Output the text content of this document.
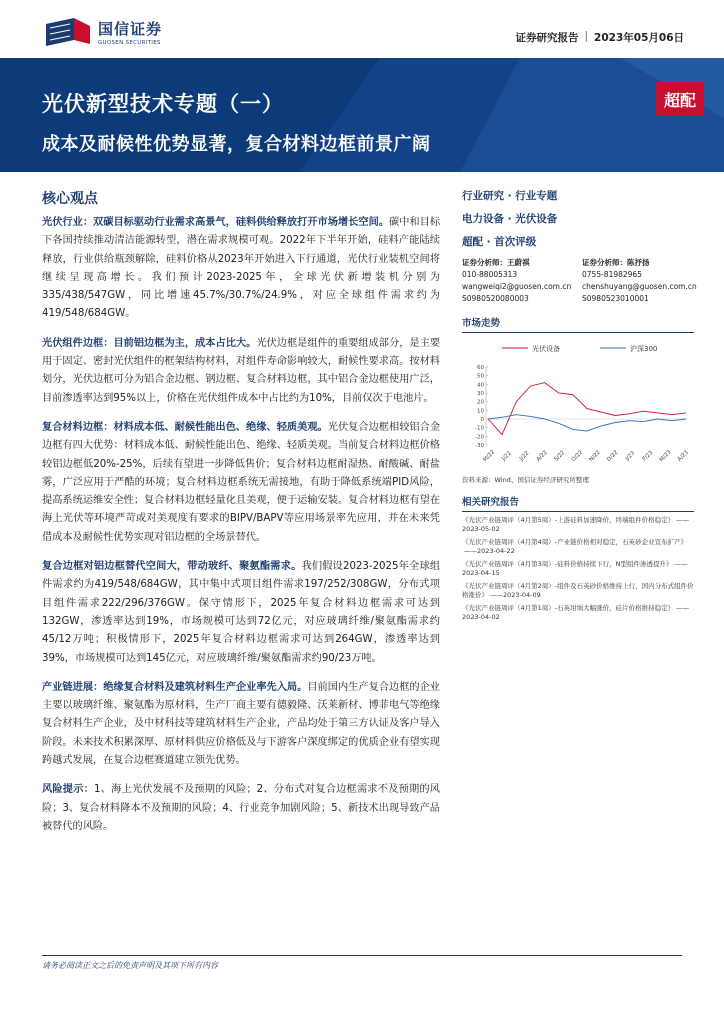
国信证券
GUOSEN SECURITIES	证券研究报告 | 2023年05月06日
光伏新型技术专题（一）
成本及耐候性优势显著，复合材料边框前景广阔
超配
核心观点

光伏行业：双碳目标驱动行业需求高景气，硅料供给释放打开市场增长空间。碳中和目标下各国持续推动清洁能源转型，潜在需求规模可观。2022年下半年开始，硅料产能陆续释放，行业供给瓶颈解除，硅料价格从2023年开始进入下行通道，光伏行业装机空间将继续呈现高增长。我们预计2023-2025年，全球光伏新增装机分别为335/438/547GW，同比增速45.7%/30.7%/24.9%，对应全球组件需求约为419/548/684GW。

光伏组件边框：目前铝边框为主，成本占比大。光伏边框是组件的重要组成部分，是主要用于固定、密封光伏组件的框架结构材料，对组件寿命影响较大，耐候性要求高。按材料划分，光伏边框可分为铝合金边框、钢边框、复合材料边框，其中铝合金边框使用广泛，目前渗透率达到95%以上，价格在光伏组件成本中占比约为10%，目前仅次于电池片。

复合材料边框：材料成本低、耐候性能出色、绝缘、轻质美观。光伏复合边框相较铝合金边框有四大优势：材料成本低、耐候性能出色、绝缘、轻质美观。当前复合材料边框价格较铝边框低20%-25%，后续有望进一步降低售价；复合材料边框耐湿热、耐酸碱、耐盐雾，广泛应用于严酷的环境；复合材料边框系统无需接地，有助于降低系统端PID风险，提高系统运维安全性；复合材料边框轻量化且美观，便于运输安装。复合材料边框有望在海上光伏等环境严苛或对美观度有要求的BIPV/BAPV等应用场景率先应用，并在未来凭借成本及耐候性优势实现对铝边框的全场景替代。

复合边框对铝边框替代空间大，带动玻纤、聚氨酯需求。我们假设2023-2025年全球组件需求约为419/548/684GW，其中集中式项目组件需求197/252/308GW，分布式项目组件需求222/296/376GW。保守情形下，2025年复合材料边框需求可达到132GW，渗透率达到19%，市场规模可达到72亿元，对应玻璃纤维/聚氨酯需求约45/12万吨；积极情形下，2025年复合材料边框需求可达到264GW，渗透率达到39%，市场规模可达到145亿元，对应玻璃纤维/聚氨酯需求约90/23万吨。

产业链进展：绝缘复合材料及建筑材料生产企业率先入局。目前国内生产复合边框的企业主要以玻璃纤维、聚氨酯为原材料，生产厂商主要有德毅隆、沃莱新材、博菲电气等绝缘复合材料生产企业，及中材科技等建筑材料生产企业，产品均处于第三方认证及客户导入阶段。未来技术积累深厚、原材料供应价格低及与下游客户深度绑定的优质企业有望实现跨越式发展，在复合边框赛道建立领先优势。

风险提示：1、海上光伏发展不及预期的风险；2、分布式对复合边框需求不及预期的风险；3、复合材料降本不及预期的风险；4、行业竞争加剧风险；5、新技术出现导致产品被替代的风险。

行业研究 · 行业专题
电力设备 · 光伏设备
超配 · 首次评级
证券分析师：王蔚祺
010-88005313
wangweiqi2@guosen.com.cn
S0980520080003
证券分析师：陈抒扬
0755-81982965
chenshuyang@guosen.com.cn
S0980523010001
市场走势
光伏设备	沪深300
-30
-20
-10
0
10
20
30
40
50
60
M/22 J/22 J/22 A/22 S/22 O/22 N/22 D/22 J/23 F/23 M/23 A/23
资料来源：Wind、国信证券经济研究所整理
相关研究报告
《光伏产业链周评（4月第5周）-上游硅料加速降价，终端组件价格稳定》 ——2023-05-02
《光伏产业链周评（4月第4周）-产业链价格相对稳定，石英砂企业宣布扩产》——2023-04-22
《光伏产业链周评（4月第3周）-硅料价格持续下行，N型组件渗透提升》 ——2023-04-15
《光伏产业链周评（4月第2周）-组件及石英砂价格维持上行，国内分布式组件价格涨价》 ——2023-04-09
《光伏产业链周评（4月第1周）-石英坩埚大幅涨价，硅片价格维持稳定》 ——2023-04-02
请务必阅读正文之后的免责声明及其项下所有内容
